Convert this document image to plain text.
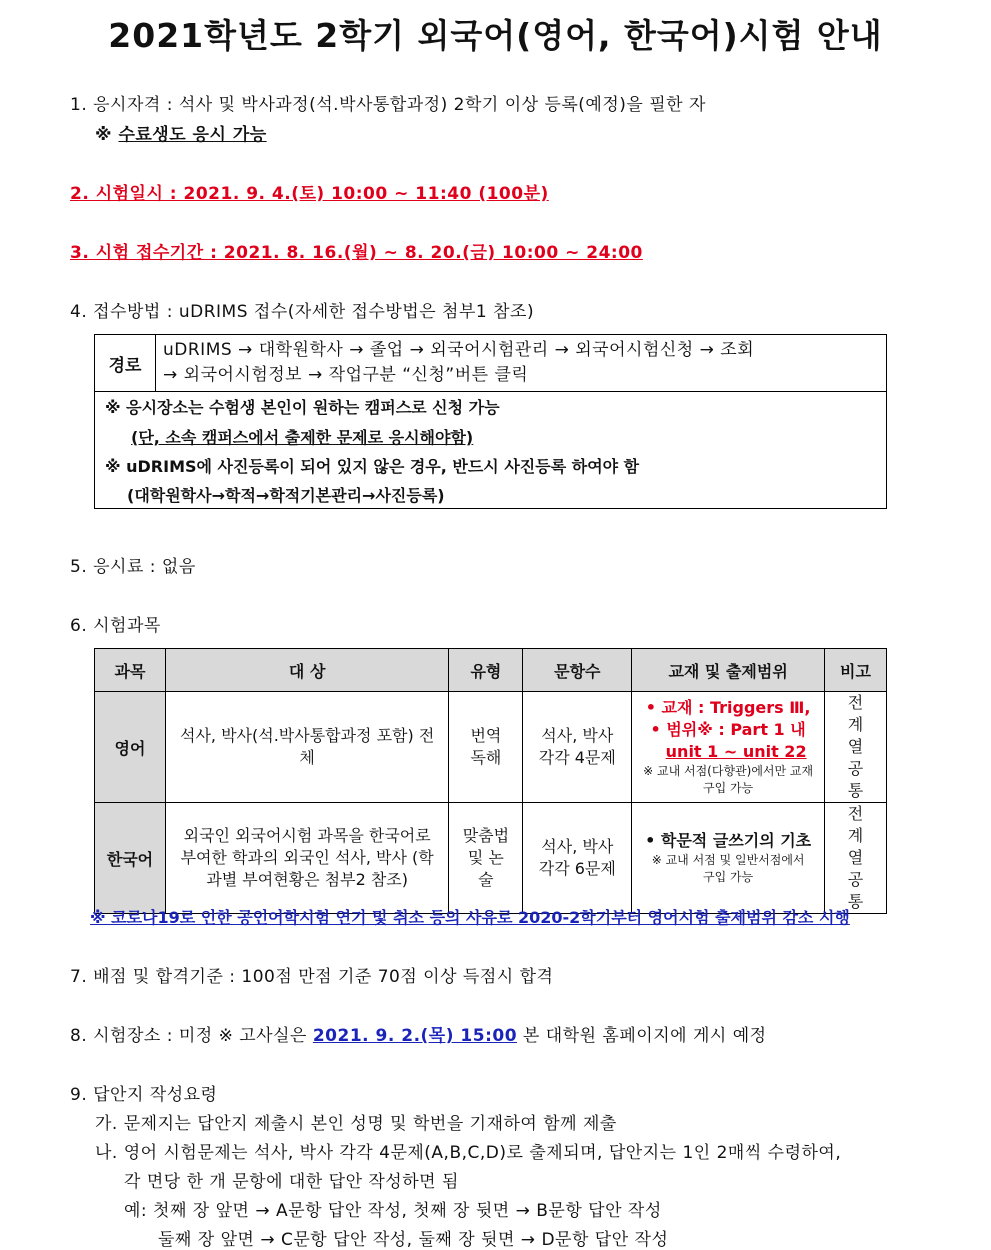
2021학년도 2학기 외국어(영어, 한국어)시험 안내
1. 응시자격 : 석사 및 박사과정(석.박사통합과정) 2학기 이상 등록(예정)을 필한 자
※ 수료생도 응시 가능
2. 시험일시 : 2021. 9. 4.(토) 10:00 ~ 11:40 (100분)
3. 시험 접수기간 : 2021. 8. 16.(월) ~ 8. 20.(금) 10:00 ~ 24:00
4. 접수방법 : uDRIMS 접수(자세한 접수방법은 첨부1 참조)
경로
uDRIMS → 대학원학사 → 졸업 → 외국어시험관리 → 외국어시험신청 → 조회
→ 외국어시험정보 → 작업구분 “신청”버튼 클릭
※ 응시장소는 수험생 본인이 원하는 캠퍼스로 신청 가능
(단, 소속 캠퍼스에서 출제한 문제로 응시해야함)
※ uDRIMS에 사진등록이 되어 있지 않은 경우, 반드시 사진등록 하여야 함
(대학원학사→학적→학적기본관리→사진등록)
5. 응시료 : 없음
6. 시험과목
과목	대 상	유형	문항수	교재 및 출제범위	비고
영어	석사, 박사(석.박사통합과정 포함) 전체	번역 독해	석사, 박사 각각 4문제	• 교재 : Triggers Ⅲ,
• 범위※ : Part 1 내
unit 1 ~ unit 22
※ 교내 서점(다향관)에서만 교재 구입 가능	전 계열 공통
한국어	외국인 외국어시험 과목을 한국어로 부여한 학과의 외국인 석사, 박사 (학과별 부여현황은 첨부2 참조)	맞춤법 및 논술	석사, 박사 각각 6문제	• 학문적 글쓰기의 기초
※ 교내 서점 및 일반서점에서 구입 가능	전 계열 공통
※ 코로나19로 인한 공인어학시험 연기 및 취소 등의 사유로 2020-2학기부터 영어시험 출제범위 감소 시행
7. 배점 및 합격기준 : 100점 만점 기준 70점 이상 득점시 합격
8. 시험장소 : 미정 ※ 고사실은 2021. 9. 2.(목) 15:00 본 대학원 홈페이지에 게시 예정
9. 답안지 작성요령
가. 문제지는 답안지 제출시 본인 성명 및 학번을 기재하여 함께 제출
나. 영어 시험문제는 석사, 박사 각각 4문제(A,B,C,D)로 출제되며, 답안지는 1인 2매씩 수령하여,
각 면당 한 개 문항에 대한 답안 작성하면 됨
예: 첫째 장 앞면 → A문항 답안 작성, 첫째 장 뒷면 → B문항 답안 작성
둘째 장 앞면 → C문항 답안 작성, 둘째 장 뒷면 → D문항 답안 작성
